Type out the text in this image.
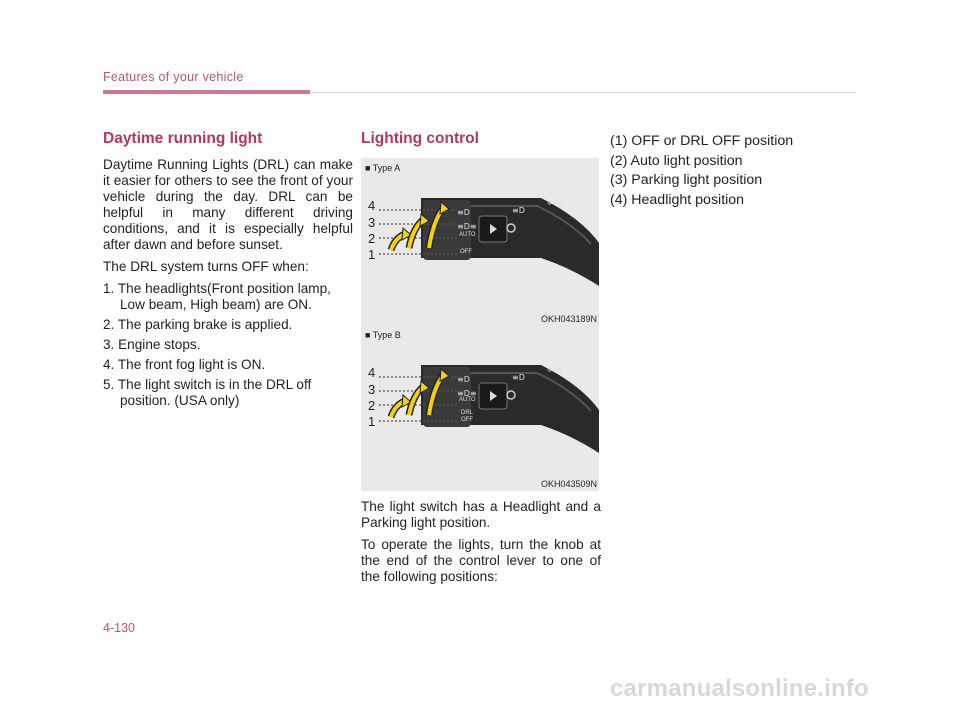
Features of your vehicle
Daytime running light

Daytime Running Lights (DRL) can make it easier for others to see the front of your vehicle during the day. DRL can be helpful in many different driving conditions, and it is especially helpful after dawn and before sunset.

The DRL system turns OFF when:

1. The headlights(Front position lamp, Low beam, High beam) are ON.
2. The parking brake is applied.
3. Engine stops.
4. The front fog light is ON.
5. The light switch is in the DRL off position. (USA only)
Lighting control
■ Type A
≡D
≡D≡
≡D
⇦⇨
4
3
2
1
AUTO
OFF
OKH043189N
■ Type B
≡D
≡D≡
≡D
⇦⇨
4
3
2
1
AUTO
DRL
OFF
OKH043509N

The light switch has a Headlight and a Parking light position.

To operate the lights, turn the knob at the end of the control lever to one of the following positions:

(1) OFF or DRL OFF position
(2) Auto light position
(3) Parking light position
(4) Headlight position
4-130
carmanualsonline.info
